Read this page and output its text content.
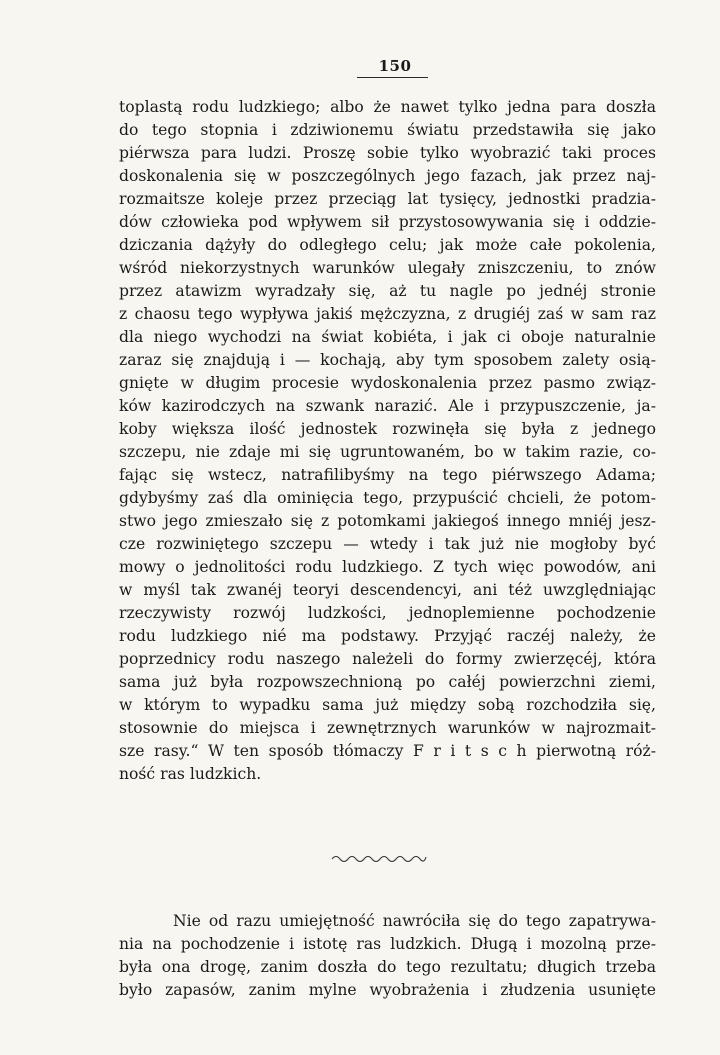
150
toplastą rodu ludzkiego; albo że nawet tylko jedna para doszła
do tego stopnia i zdziwionemu światu przedstawiła się jako
piérwsza para ludzi. Proszę sobie tylko wyobrazić taki proces
doskonalenia się w poszczególnych jego fazach, jak przez naj-
rozmaitsze koleje przez przeciąg lat tysięcy, jednostki pradzia-
dów człowieka pod wpływem sił przystosowywania się i oddzie-
dziczania dążyły do odległego celu; jak może całe pokolenia,
wśród niekorzystnych warunków ulegały zniszczeniu, to znów
przez atawizm wyradzały się, aż tu nagle po jednéj stronie
z chaosu tego wypływa jakiś mężczyzna, z drugiéj zaś w sam raz
dla niego wychodzi na świat kobiéta, i jak ci oboje naturalnie
zaraz się znajdują i — kochają, aby tym sposobem zalety osią-
gnięte w długim procesie wydoskonalenia przez pasmo związ-
ków kazirodczych na szwank narazić. Ale i przypuszczenie, ja-
koby większa ilość jednostek rozwinęła się była z jednego
szczepu, nie zdaje mi się ugruntowaném, bo w takim razie, co-
fając się wstecz, natrafilibyśmy na tego piérwszego Adama;
gdybyśmy zaś dla ominięcia tego, przypuścić chcieli, że potom-
stwo jego zmieszało się z potomkami jakiegoś innego mniéj jesz-
cze rozwiniętego szczepu — wtedy i tak już nie mogłoby być
mowy o jednolitości rodu ludzkiego. Z tych więc powodów, ani
w myśl tak zwanéj teoryi descendencyi, ani téż uwzględniając
rzeczywisty rozwój ludzkości, jednoplemienne pochodzenie
rodu ludzkiego nié ma podstawy. Przyjąć raczéj należy, że
poprzednicy rodu naszego należeli do formy zwierzęcéj, która
sama już była rozpowszechnioną po całéj powierzchni ziemi,
w którym to wypadku sama już między sobą rozchodziła się,
stosownie do miejsca i zewnętrznych warunków w najrozmait-
sze rasy.“ W ten sposób tłómaczy F r i t s c h pierwotną róż-
ność ras ludzkich.
Nie od razu umiejętność nawróciła się do tego zapatrywa-
nia na pochodzenie i istotę ras ludzkich. Długą i mozolną prze-
była ona drogę, zanim doszła do tego rezultatu; długich trzeba
było zapasów, zanim mylne wyobrażenia i złudzenia usunięte
